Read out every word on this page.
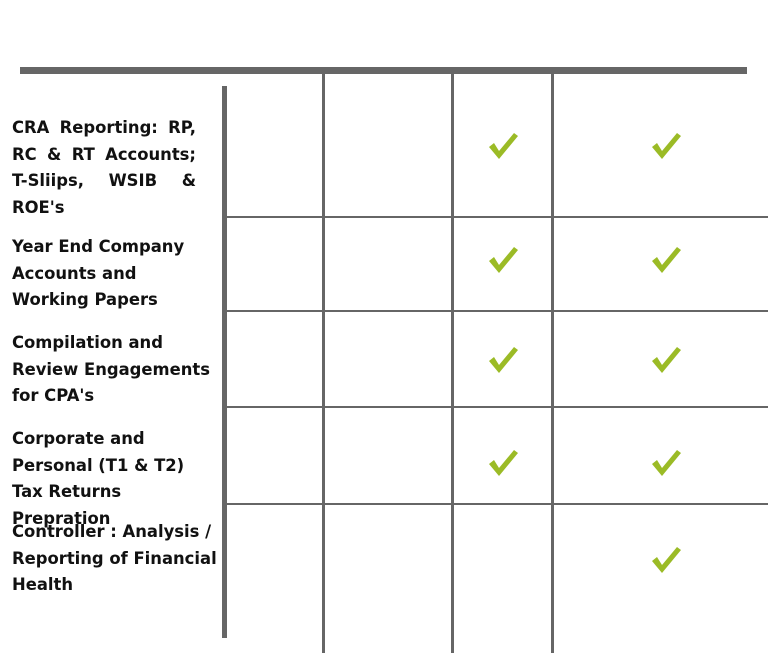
CRA Reporting: RP, RC & RT Accounts; T-Sliips, WSIB & ROE's
Year End Company Accounts and Working Papers
Compilation and Review Engagements for CPA's
Corporate and Personal (T1 & T2) Tax Returns Prepration
Controller : Analysis / Reporting of Financial Health
